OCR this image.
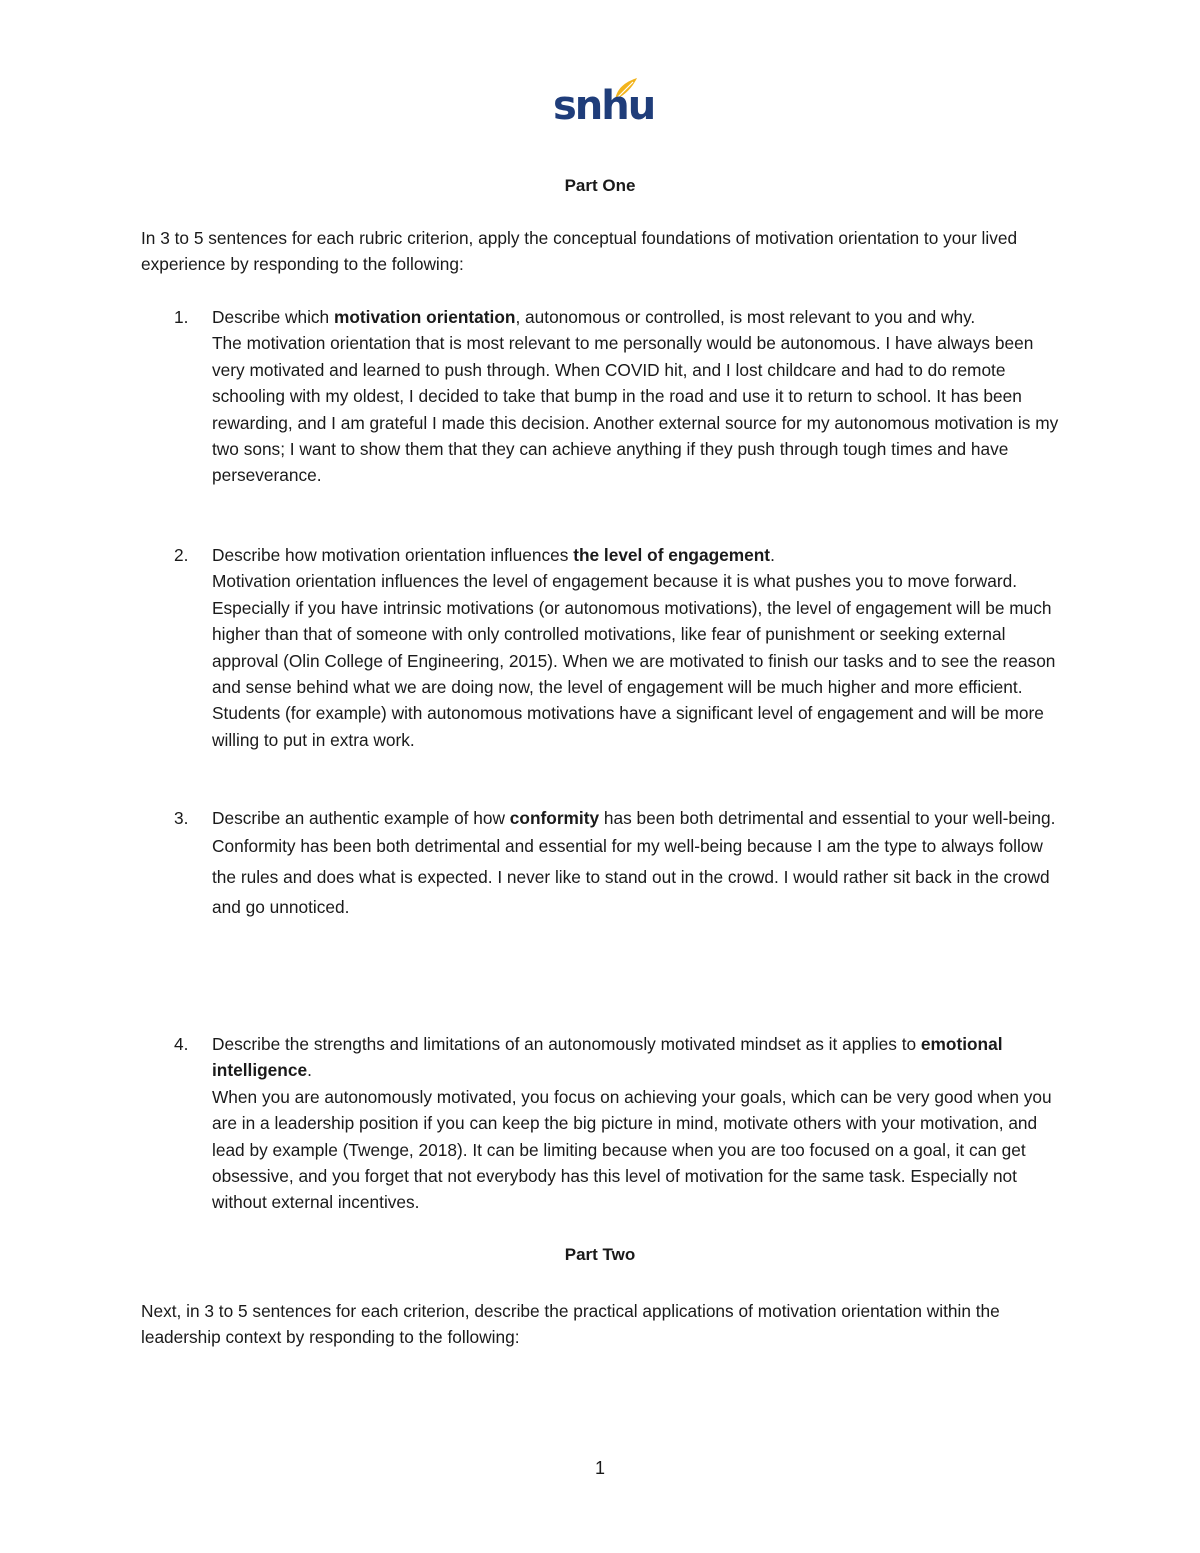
snhu
Part One
In 3 to 5 sentences for each rubric criterion, apply the conceptual foundations of motivation orientation to your lived experience by responding to the following:
1.	Describe which motivation orientation, autonomous or controlled, is most relevant to you and why.
The motivation orientation that is most relevant to me personally would be autonomous. I have always been very motivated and learned to push through. When COVID hit, and I lost childcare and had to do remote schooling with my oldest, I decided to take that bump in the road and use it to return to school. It has been rewarding, and I am grateful I made this decision. Another external source for my autonomous motivation is my two sons; I want to show them that they can achieve anything if they push through tough times and have perseverance.
2.	Describe how motivation orientation influences the level of engagement.
Motivation orientation influences the level of engagement because it is what pushes you to move forward. Especially if you have intrinsic motivations (or autonomous motivations), the level of engagement will be much higher than that of someone with only controlled motivations, like fear of punishment or seeking external approval (Olin College of Engineering, 2015). When we are motivated to finish our tasks and to see the reason and sense behind what we are doing now, the level of engagement will be much higher and more efficient. Students (for example) with autonomous motivations have a significant level of engagement and will be more willing to put in extra work.
3.	Describe an authentic example of how conformity has been both detrimental and essential to your well-being.
Conformity has been both detrimental and essential for my well-being because I am the type to always follow the rules and does what is expected. I never like to stand out in the crowd. I would rather sit back in the crowd and go unnoticed.
4.	Describe the strengths and limitations of an autonomously motivated mindset as it applies to emotional intelligence.
When you are autonomously motivated, you focus on achieving your goals, which can be very good when you are in a leadership position if you can keep the big picture in mind, motivate others with your motivation, and lead by example (Twenge, 2018). It can be limiting because when you are too focused on a goal, it can get obsessive, and you forget that not everybody has this level of motivation for the same task. Especially not without external incentives.
Part Two
Next, in 3 to 5 sentences for each criterion, describe the practical applications of motivation orientation within the leadership context by responding to the following:
1
